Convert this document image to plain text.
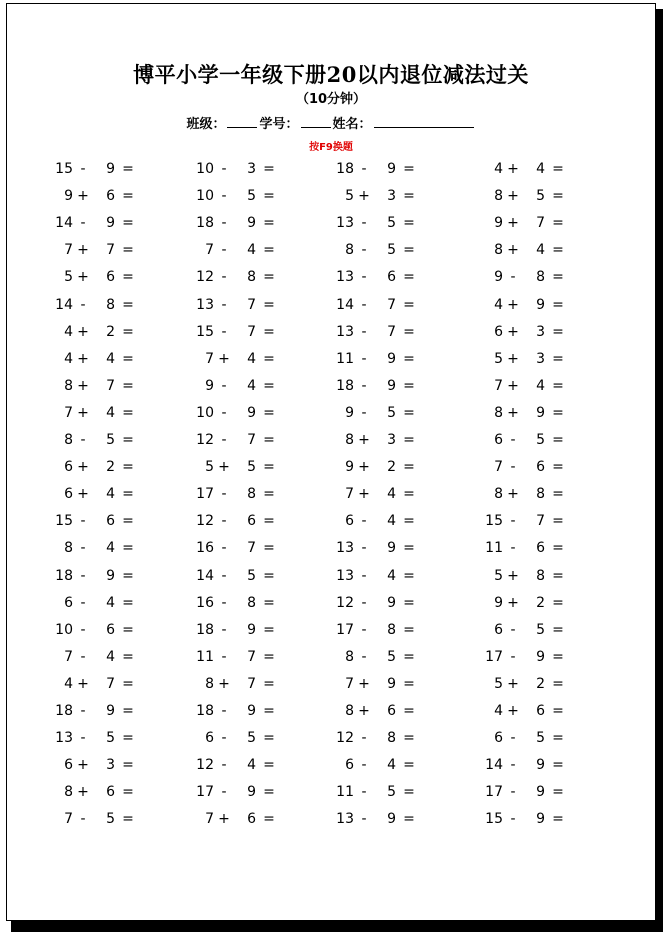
博平小学一年级下册20以内退位减法过关
（10分钟）
班级：	学号：	姓名：
按F9换题
15 -	9 =	10 -	3 =	18 -	9 =	4 +	4 =
9 +	6 =	10 -	5 =	5 +	3 =	8 +	5 =
14 -	9 =	18 -	9 =	13 -	5 =	9 +	7 =
7 +	7 =	7 -	4 =	8 -	5 =	8 +	4 =
5 +	6 =	12 -	8 =	13 -	6 =	9 -	8 =
14 -	8 =	13 -	7 =	14 -	7 =	4 +	9 =
4 +	2 =	15 -	7 =	13 -	7 =	6 +	3 =
4 +	4 =	7 +	4 =	11 -	9 =	5 +	3 =
8 +	7 =	9 -	4 =	18 -	9 =	7 +	4 =
7 +	4 =	10 -	9 =	9 -	5 =	8 +	9 =
8 -	5 =	12 -	7 =	8 +	3 =	6 -	5 =
6 +	2 =	5 +	5 =	9 +	2 =	7 -	6 =
6 +	4 =	17 -	8 =	7 +	4 =	8 +	8 =
15 -	6 =	12 -	6 =	6 -	4 =	15 -	7 =
8 -	4 =	16 -	7 =	13 -	9 =	11 -	6 =
18 -	9 =	14 -	5 =	13 -	4 =	5 +	8 =
6 -	4 =	16 -	8 =	12 -	9 =	9 +	2 =
10 -	6 =	18 -	9 =	17 -	8 =	6 -	5 =
7 -	4 =	11 -	7 =	8 -	5 =	17 -	9 =
4 +	7 =	8 +	7 =	7 +	9 =	5 +	2 =
18 -	9 =	18 -	9 =	8 +	6 =	4 +	6 =
13 -	5 =	6 -	5 =	12 -	8 =	6 -	5 =
6 +	3 =	12 -	4 =	6 -	4 =	14 -	9 =
8 +	6 =	17 -	9 =	11 -	5 =	17 -	9 =
7 -	5 =	7 +	6 =	13 -	9 =	15 -	9 =
